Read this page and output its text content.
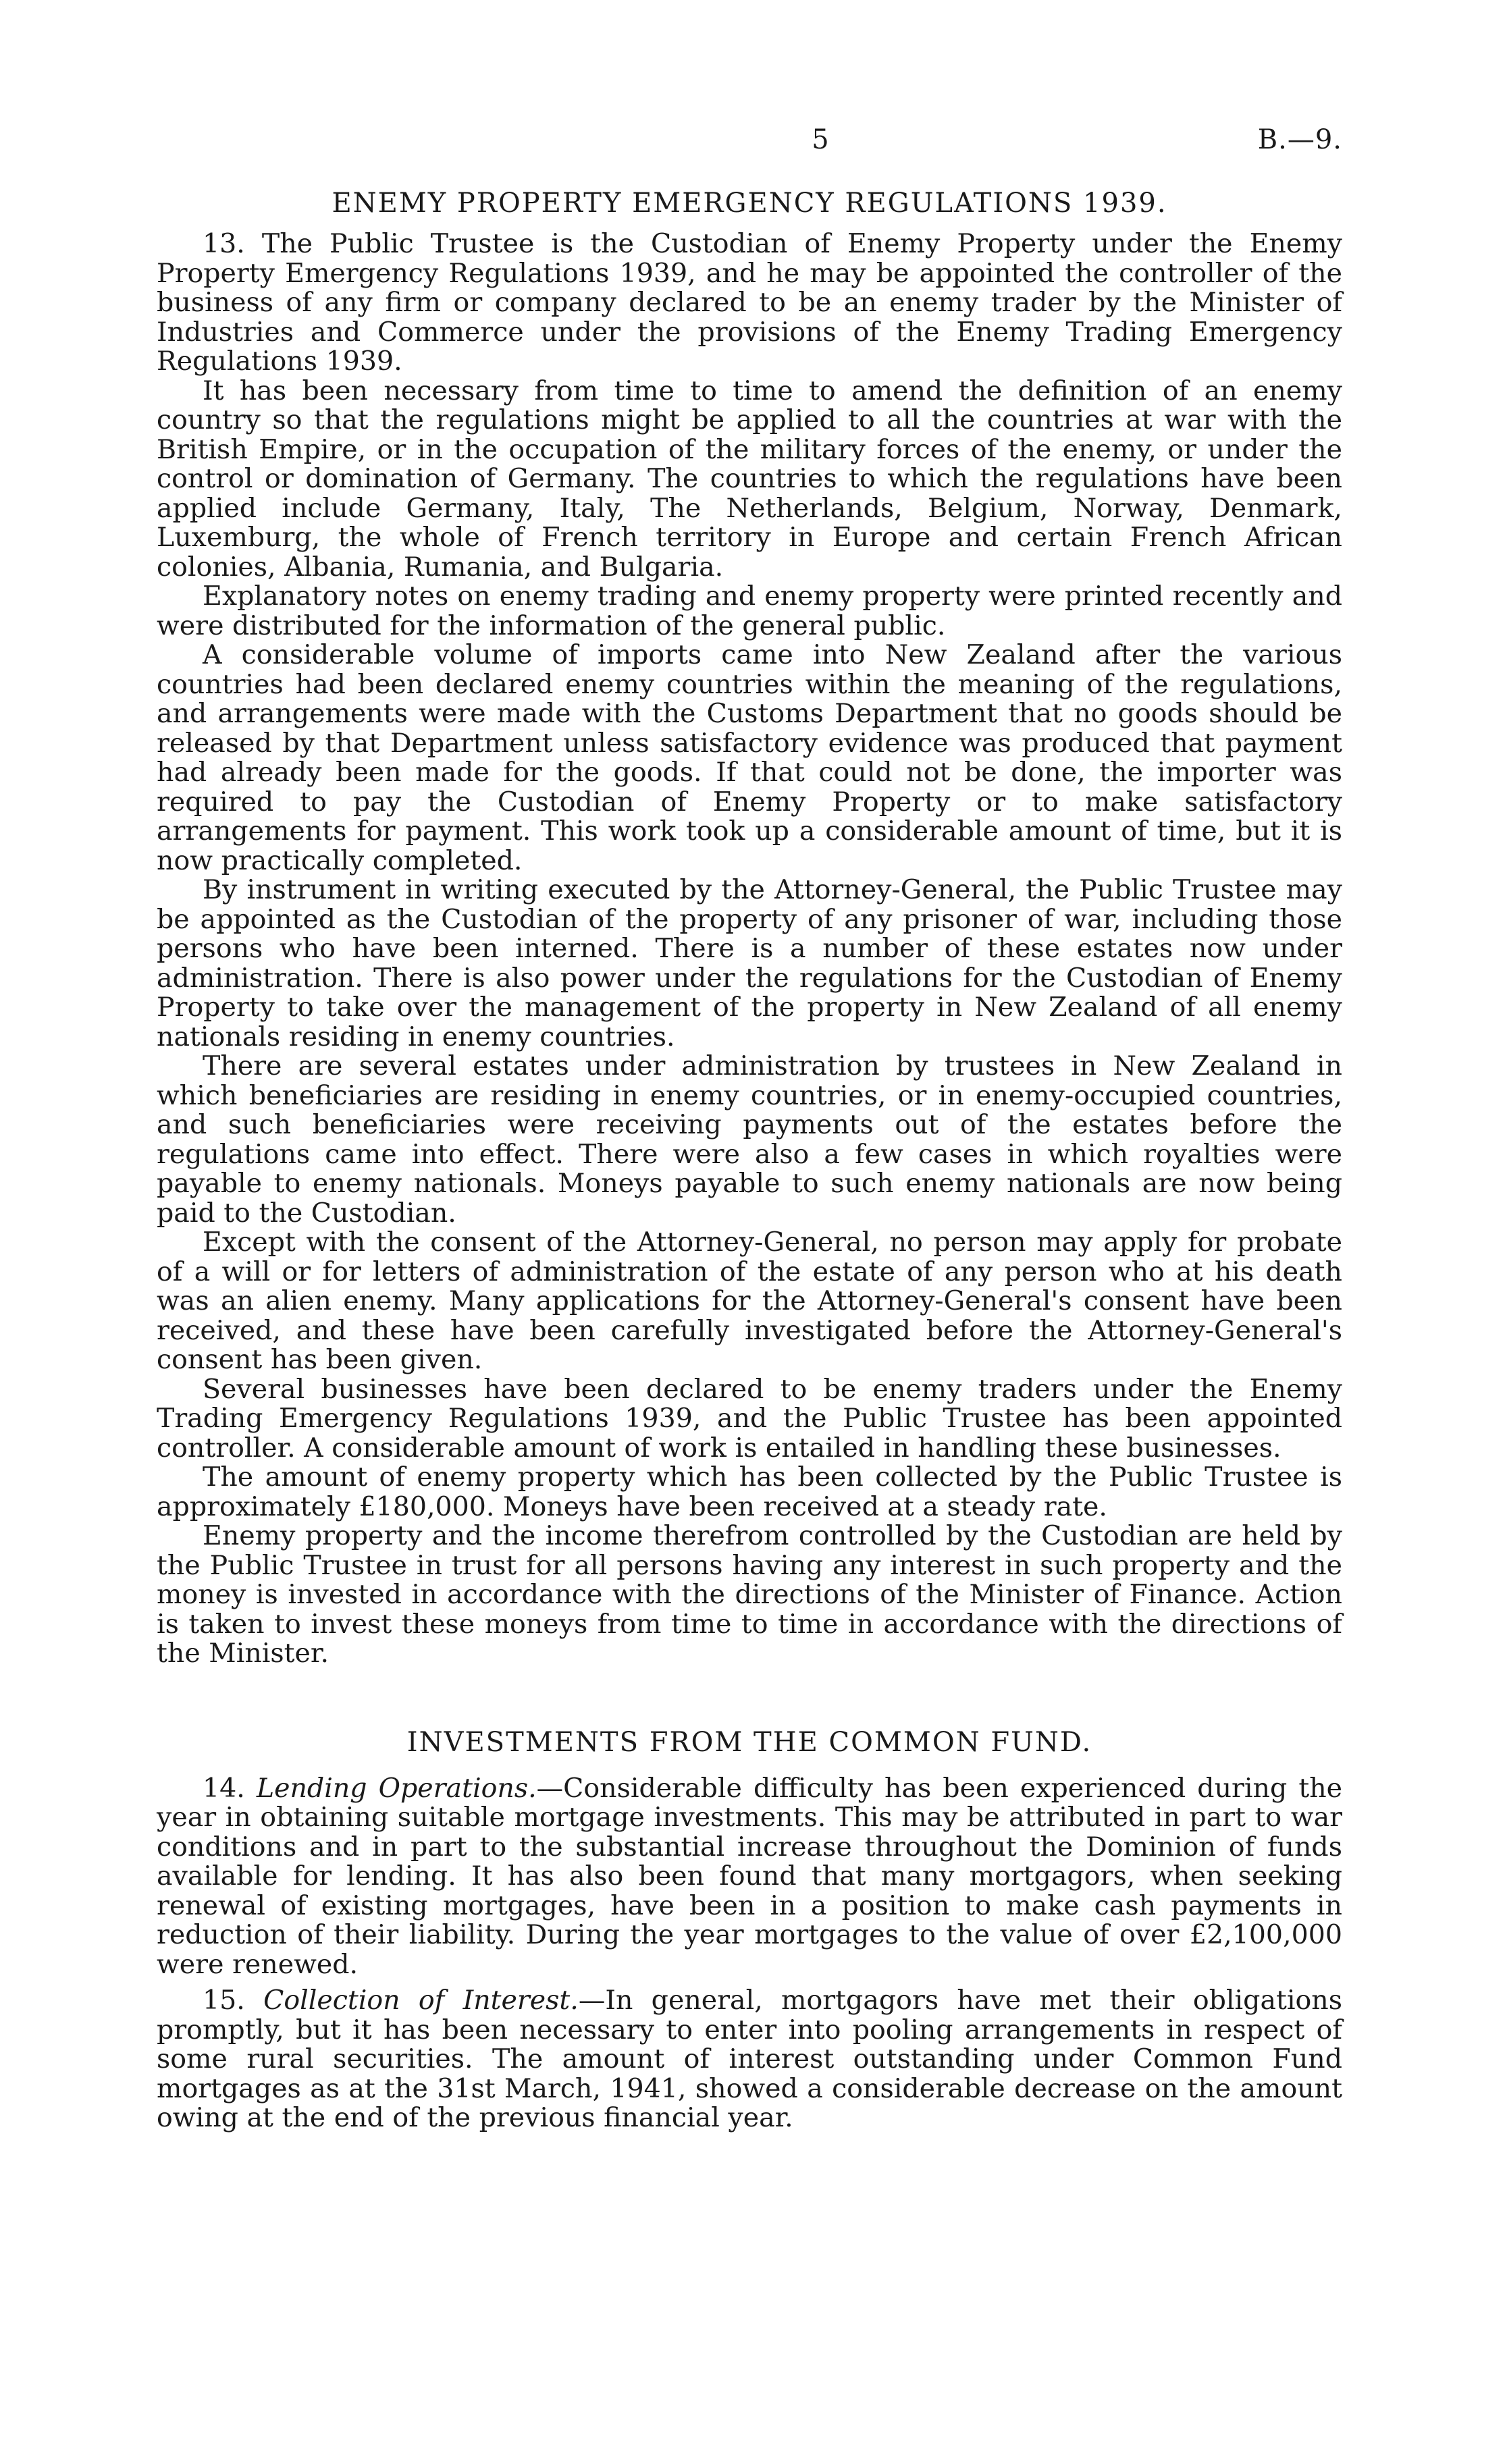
5	B.—9.
ENEMY PROPERTY EMERGENCY REGULATIONS 1939.

13. The Public Trustee is the Custodian of Enemy Property under the Enemy Property Emergency Regulations 1939, and he may be appointed the controller of the business of any firm or company declared to be an enemy trader by the Minister of Industries and Commerce under the provisions of the Enemy Trading Emergency Regulations 1939.

It has been necessary from time to time to amend the definition of an enemy country so that the regulations might be applied to all the countries at war with the British Empire, or in the occupation of the military forces of the enemy, or under the control or domination of Germany. The countries to which the regulations have been applied include Germany, Italy, The Netherlands, Belgium, Norway, Denmark, Luxemburg, the whole of French territory in Europe and certain French African colonies, Albania, Rumania, and Bulgaria.

Explanatory notes on enemy trading and enemy property were printed recently and were distributed for the information of the general public.

A considerable volume of imports came into New Zealand after the various countries had been declared enemy countries within the meaning of the regulations, and arrangements were made with the Customs Department that no goods should be released by that Department unless satisfactory evidence was produced that payment had already been made for the goods. If that could not be done, the importer was required to pay the Custodian of Enemy Property or to make satisfactory arrangements for payment. This work took up a considerable amount of time, but it is now practically completed.

By instrument in writing executed by the Attorney-General, the Public Trustee may be appointed as the Custodian of the property of any prisoner of war, including those persons who have been interned. There is a number of these estates now under administration. There is also power under the regulations for the Custodian of Enemy Property to take over the management of the property in New Zealand of all enemy nationals residing in enemy countries.

There are several estates under administration by trustees in New Zealand in which beneficiaries are residing in enemy countries, or in enemy-occupied countries, and such beneficiaries were receiving payments out of the estates before the regulations came into effect. There were also a few cases in which royalties were payable to enemy nationals. Moneys payable to such enemy nationals are now being paid to the Custodian.

Except with the consent of the Attorney-General, no person may apply for probate of a will or for letters of administration of the estate of any person who at his death was an alien enemy. Many applications for the Attorney-General's consent have been received, and these have been carefully investigated before the Attorney-General's consent has been given.

Several businesses have been declared to be enemy traders under the Enemy Trading Emergency Regulations 1939, and the Public Trustee has been appointed controller. A considerable amount of work is entailed in handling these businesses.

The amount of enemy property which has been collected by the Public Trustee is approximately £180,000. Moneys have been received at a steady rate.

Enemy property and the income therefrom controlled by the Custodian are held by the Public Trustee in trust for all persons having any interest in such property and the money is invested in accordance with the directions of the Minister of Finance. Action is taken to invest these moneys from time to time in accordance with the directions of the Minister.

INVESTMENTS FROM THE COMMON FUND.

14. Lending Operations.—Considerable difficulty has been experienced during the year in obtaining suitable mortgage investments. This may be attributed in part to war conditions and in part to the substantial increase throughout the Dominion of funds available for lending. It has also been found that many mortgagors, when seeking renewal of existing mortgages, have been in a position to make cash payments in reduction of their liability. During the year mortgages to the value of over £2,100,000 were renewed.

15. Collection of Interest.—In general, mortgagors have met their obligations promptly, but it has been necessary to enter into pooling arrangements in respect of some rural securities. The amount of interest outstanding under Common Fund mortgages as at the 31st March, 1941, showed a considerable decrease on the amount owing at the end of the previous financial year.
